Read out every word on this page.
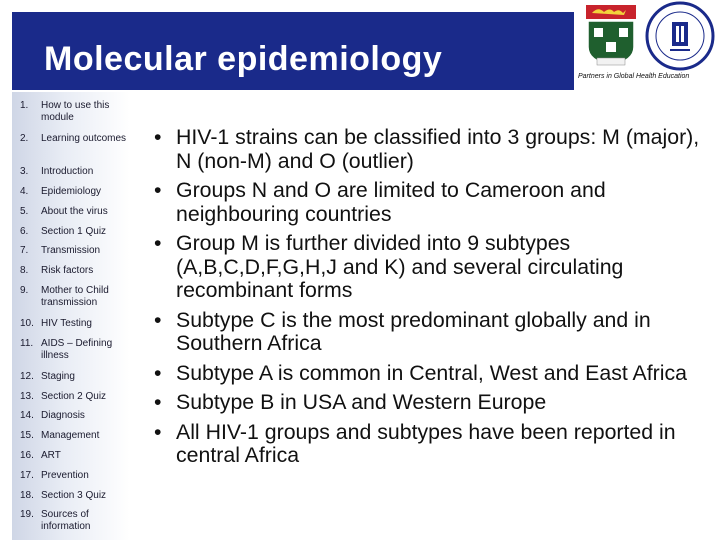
Molecular epidemiology	Partners in Global Health Education
1. How to use this module
2. Learning outcomes
3. Introduction
4. Epidemiology
5. About the virus
6. Section 1 Quiz
7. Transmission
8. Risk factors
9. Mother to Child transmission
10. HIV Testing
11. AIDS – Defining illness
12. Staging
13. Section 2 Quiz
14. Diagnosis
15. Management
16. ART
17. Prevention
18. Section 3 Quiz
19. Sources of information
• HIV-1 strains can be classified into 3 groups: M (major), N (non-M) and O (outlier)
• Groups N and O are limited to Cameroon and neighbouring countries
• Group M is further divided into 9 subtypes (A,B,C,D,F,G,H,J and K) and several circulating recombinant forms
• Subtype C is the most predominant globally and in Southern Africa
• Subtype A is common in Central, West and East Africa
• Subtype B in USA and Western Europe
• All HIV-1 groups and subtypes have been reported in central Africa
